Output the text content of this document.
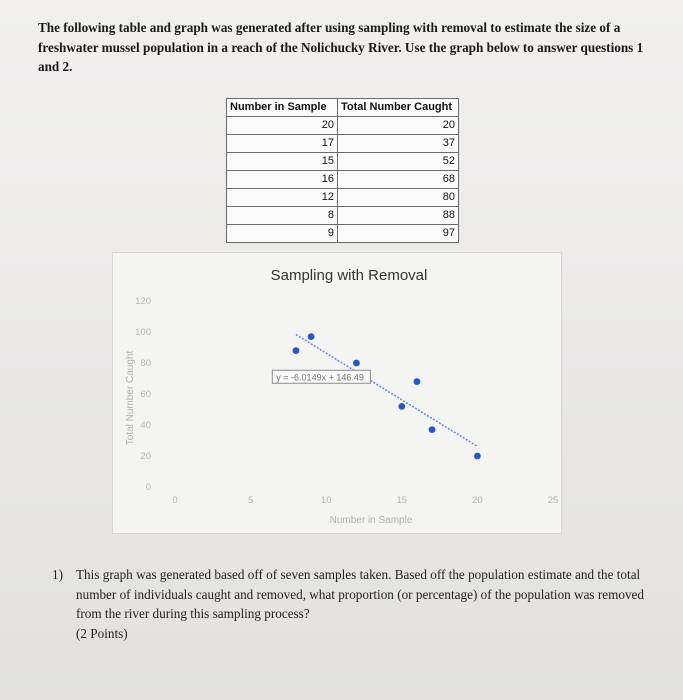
The following table and graph was generated after using sampling with removal to estimate the size of a freshwater mussel population in a reach of the Nolichucky River. Use the graph below to answer questions 1 and 2.
Number in Sample	Total Number Caught
20	20
17	37
15	52
16	68
12	80
8	88
9	97
Sampling with Removal
Total Number Caught
Number in Sample
0
20
40
60
80
100
120
0	5	10	15	20	25
y = -6.0149x + 146.49
1) This graph was generated based off of seven samples taken. Based off the population estimate and the total number of individuals caught and removed, what proportion (or percentage) of the population was removed from the river during this sampling process?
(2 Points)
